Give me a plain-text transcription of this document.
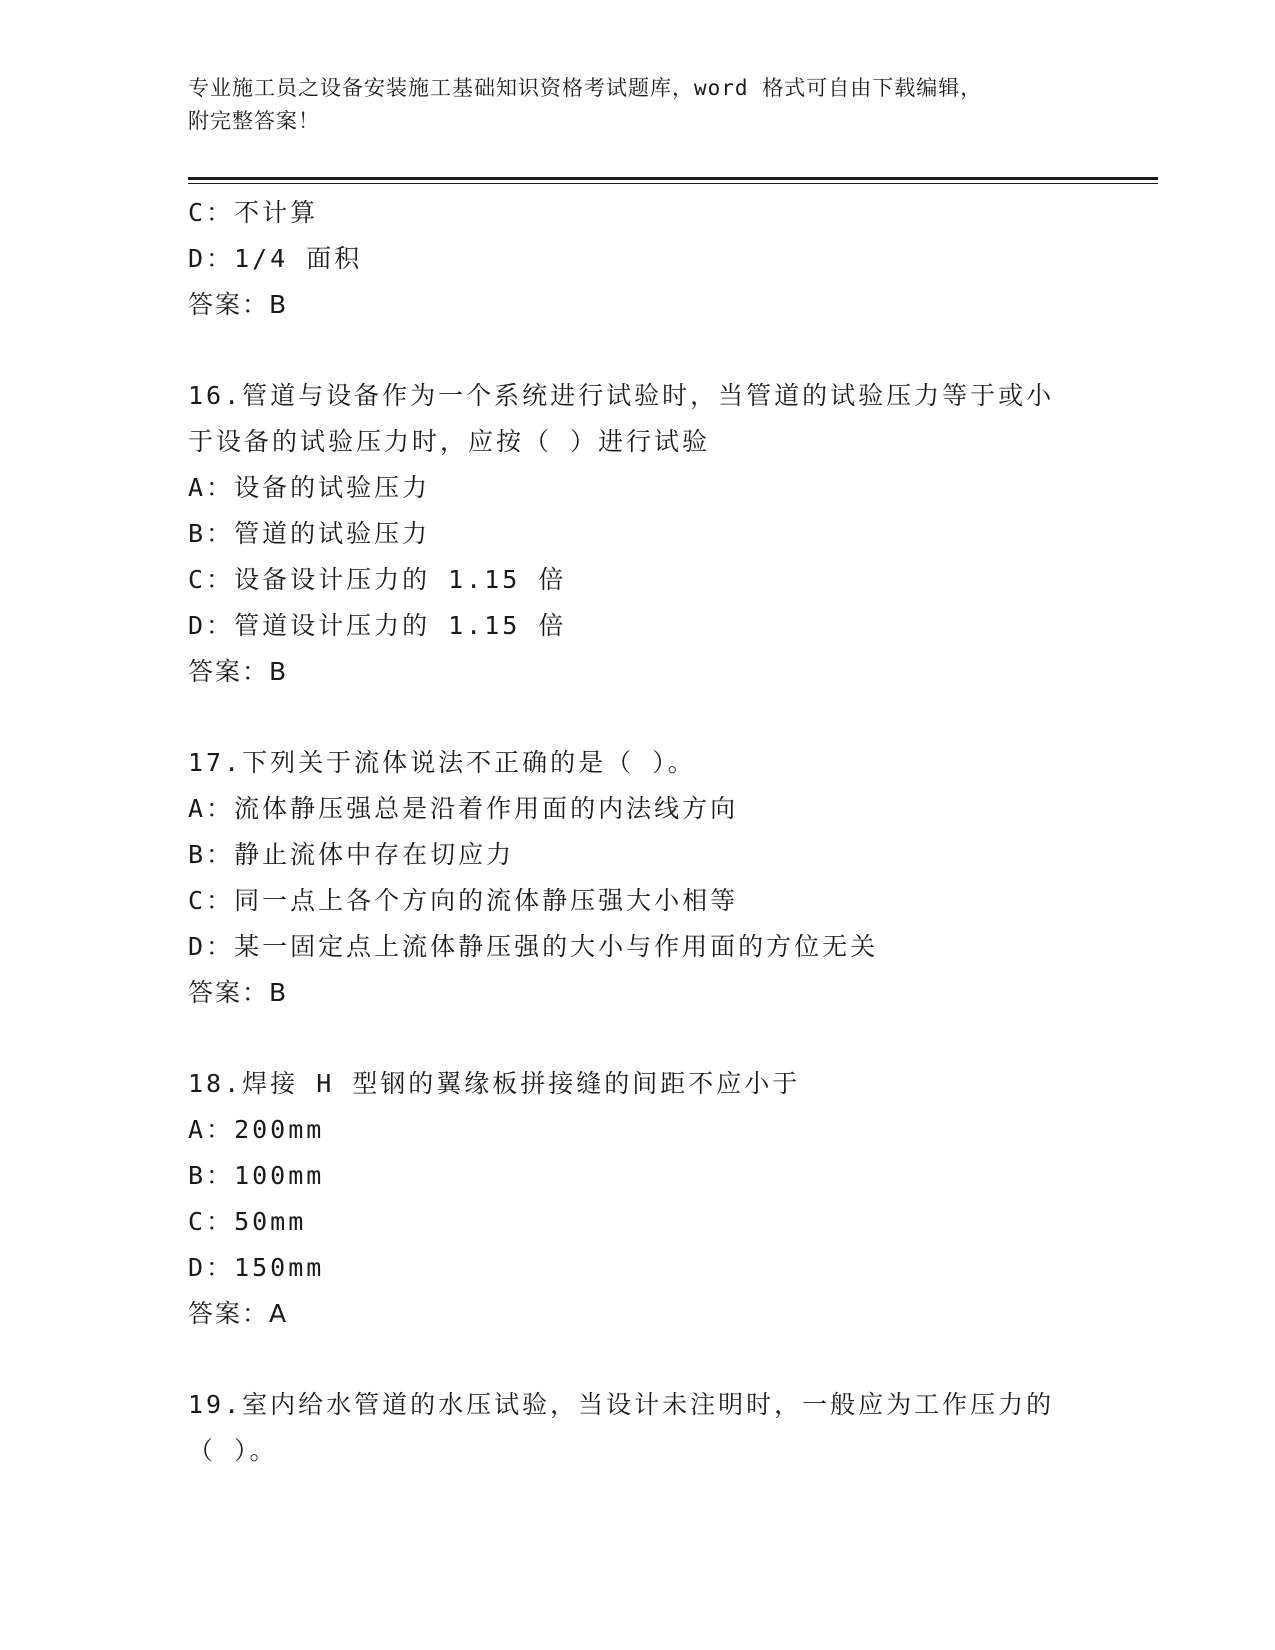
专业施工员之设备安装施工基础知识资格考试题库，word 格式可自由下载编辑，
附完整答案！
C：不计算
D：1/4 面积
答案：B
16.管道与设备作为一个系统进行试验时，当管道的试验压力等于或小
于设备的试验压力时，应按（ ）进行试验
A：设备的试验压力
B：管道的试验压力
C：设备设计压力的 1.15 倍
D：管道设计压力的 1.15 倍
答案：B
17.下列关于流体说法不正确的是（ ）。
A：流体静压强总是沿着作用面的内法线方向
B：静止流体中存在切应力
C：同一点上各个方向的流体静压强大小相等
D：某一固定点上流体静压强的大小与作用面的方位无关
答案：B
18.焊接 H 型钢的翼缘板拼接缝的间距不应小于
A：200mm
B：100mm
C：50mm
D：150mm
答案：A
19.室内给水管道的水压试验，当设计未注明时，一般应为工作压力的
（ ）。
